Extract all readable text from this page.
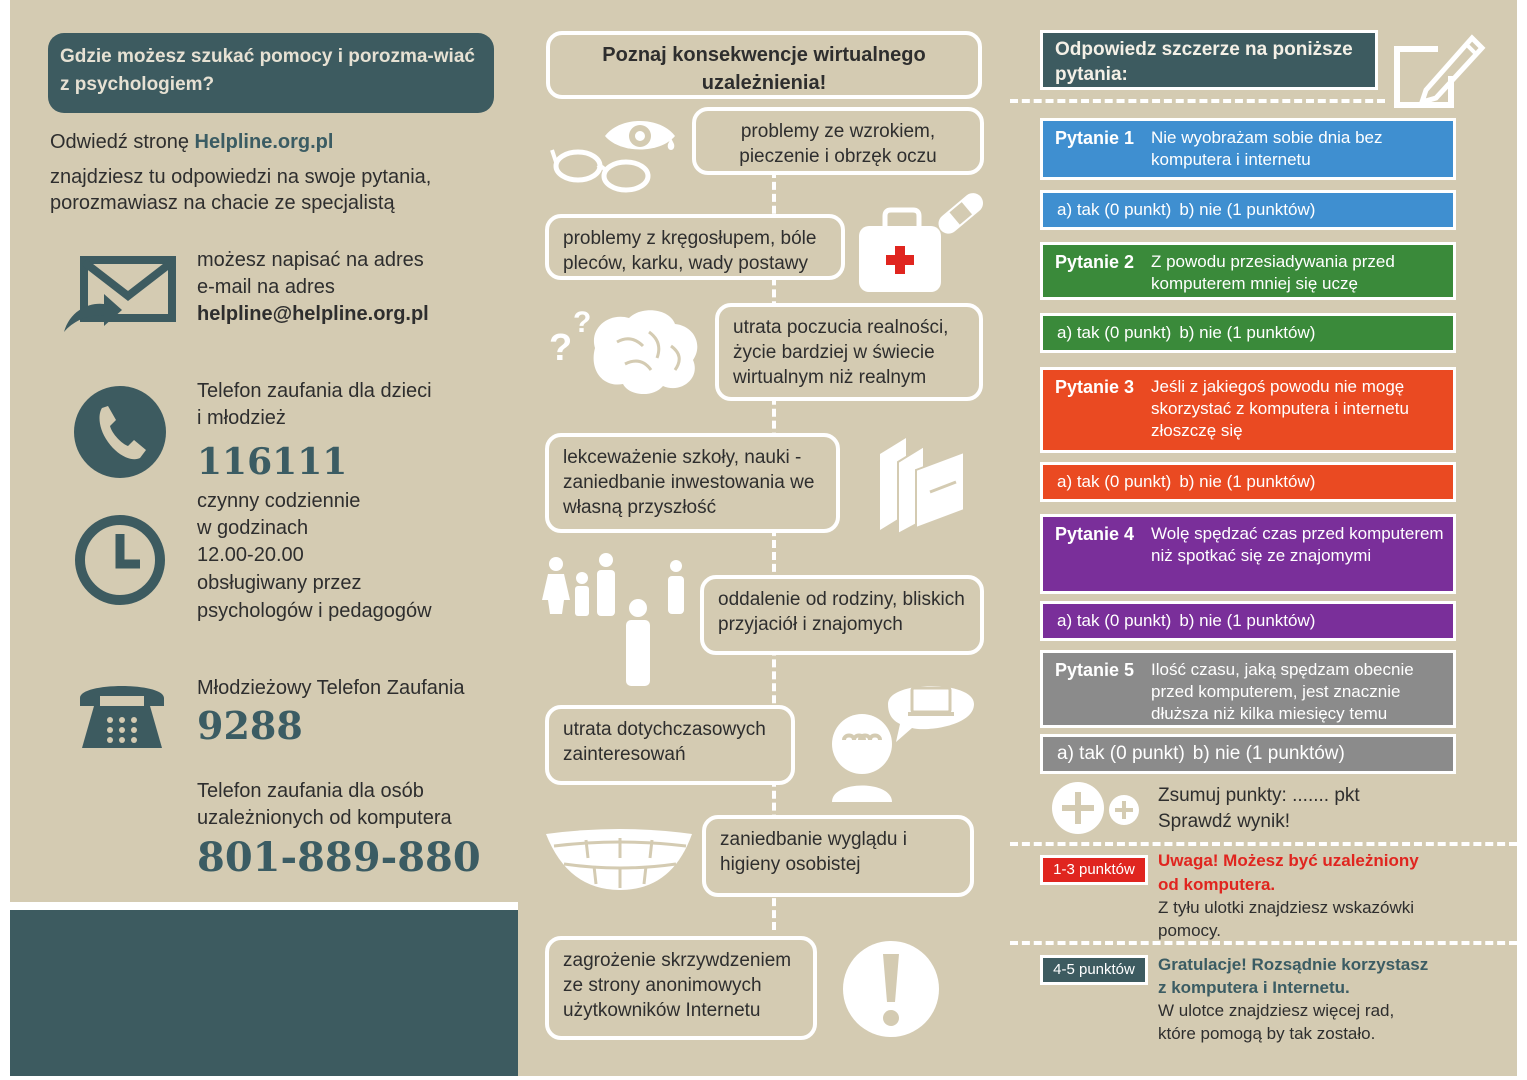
Gdzie możesz szukać pomocy i porozma-wiać z psychologiem?
Odwiedź stronę Helpline.org.pl
znajdziesz tu odpowiedzi na swoje pytania,
porozmawiasz na chacie ze specjalistą
możesz napisać na adres
e-mail na adres
helpline@helpline.org.pl
Telefon zaufania dla dzieci
i młodzież
116111
czynny codziennie
w godzinach
12.00-20.00
obsługiwany przez
psychologów i pedagogów
Młodzieżowy Telefon Zaufania
9288
Telefon zaufania dla osób
uzależnionych od komputera
801-889-880
Poznaj konsekwencje wirtualnego uzależnienia!
problemy ze wzrokiem, pieczenie i obrzęk oczu
problemy z kręgosłupem, bóle pleców, karku, wady postawy
?
?	utrata poczucia realności, życie bardziej w świecie wirtualnym niż realnym
lekceważenie szkoły, nauki - zaniedbanie inwestowania we własną przyszłość
oddalenie od rodziny, bliskich przyjaciół i znajomych
utrata dotychczasowych zainteresowań
zaniedbanie wyglądu i higieny osobistej
zagrożenie skrzywdzeniem ze strony anonimowych użytkowników Internetu
Odpowiedz szczerze na poniższe pytania:
Pytanie 1 Nie wyobrażam sobie dnia bez komputera i internetu
a) tak (0 punkt) b) nie (1 punktów)
Pytanie 2 Z powodu przesiadywania przed komputerem mniej się uczę
a) tak (0 punkt) b) nie (1 punktów)
Pytanie 3 Jeśli z jakiegoś powodu nie mogę skorzystać z komputera i internetu złoszczę się
a) tak (0 punkt) b) nie (1 punktów)
Pytanie 4 Wolę spędzać czas przed komputerem niż spotkać się ze znajomymi
a) tak (0 punkt) b) nie (1 punktów)
Pytanie 5 Ilość czasu, jaką spędzam obecnie przed komputerem, jest znacznie dłuższa niż kilka miesięcy temu
a) tak (0 punkt) b) nie (1 punktów)
Zsumuj punkty: ....... pkt
Sprawdź wynik!
1-3 punktów	Uwaga! Możesz być uzależniony
od komputera.
Z tyłu ulotki znajdziesz wskazówki
pomocy.
4-5 punktów	Gratulacje! Rozsądnie korzystasz
z komputera i Internetu.
W ulotce znajdziesz więcej rad,
które pomogą by tak zostało.
